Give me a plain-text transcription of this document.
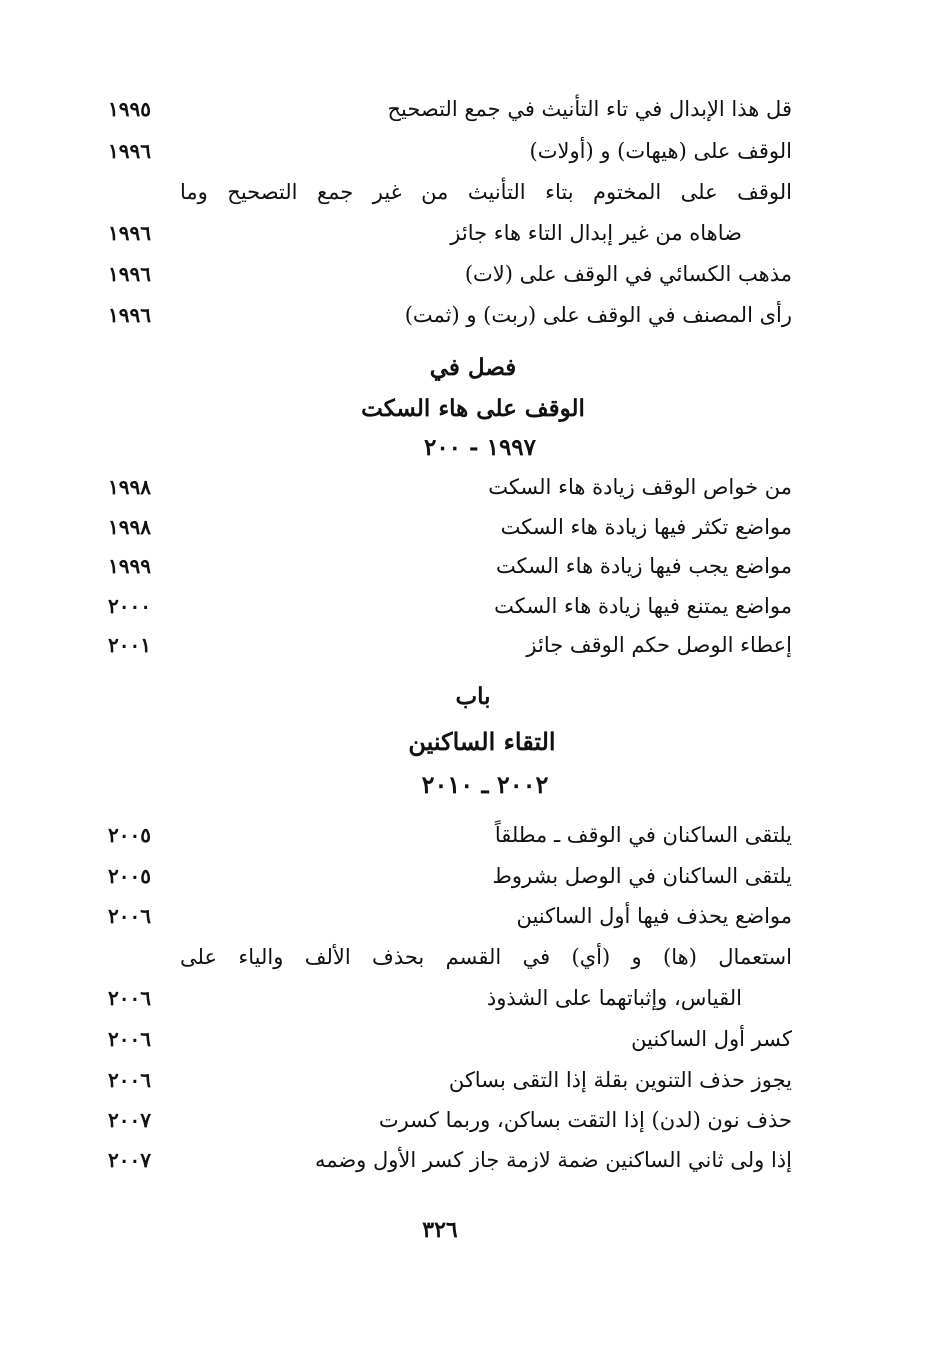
قل هذا الإبدال في تاء التأنيث في جمع التصحيح
١٩٩٥
الوقف على (هيهات) و (أولات)
١٩٩٦
الوقف على المختوم بتاء التأنيث من غير جمع التصحيح وما
ضاهاه من غير إبدال التاء هاء جائز
١٩٩٦
مذهب الكسائي في الوقف على (لات)
١٩٩٦
رأى المصنف في الوقف على (ربت) و (ثمت)
١٩٩٦
فصل في
الوقف على هاء السكت
١٩٩٧ - ٢٠٠
من خواص الوقف زيادة هاء السكت
١٩٩٨
مواضع تكثر فيها زيادة هاء السكت
١٩٩٨
مواضع يجب فيها زيادة هاء السكت
١٩٩٩
مواضع يمتنع فيها زيادة هاء السكت
٢٠٠٠
إعطاء الوصل حكم الوقف جائز
٢٠٠١
باب
التقاء الساكنين
٢٠٠٢ ـ ٢٠١٠
يلتقى الساكنان في الوقف ـ مطلقاً
٢٠٠٥
يلتقى الساكنان في الوصل بشروط
٢٠٠٥
مواضع يحذف فيها أول الساكنين
٢٠٠٦
استعمال (ها) و (أي) في القسم بحذف الألف والياء على
القياس، وإثباتهما على الشذوذ
٢٠٠٦
كسر أول الساكنين
٢٠٠٦
يجوز حذف التنوين بقلة إذا التقى بساكن
٢٠٠٦
حذف نون (لدن) إذا التقت بساكن، وربما كسرت
٢٠٠٧
إذا ولى ثاني الساكنين ضمة لازمة جاز كسر الأول وضمه
٢٠٠٧
٣٢٦
